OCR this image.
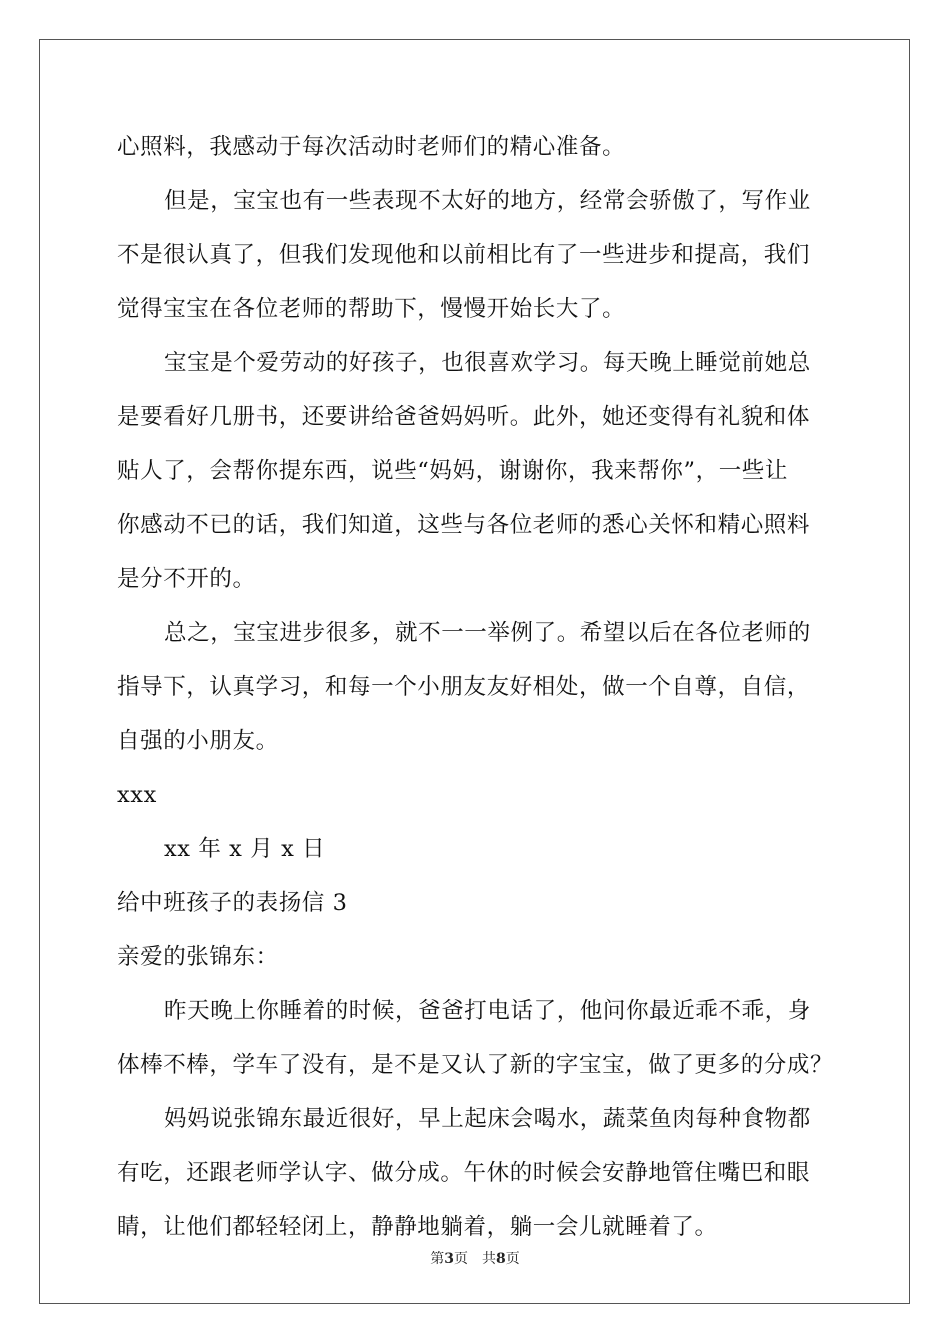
心照料，我感动于每次活动时老师们的精心准备。
但是，宝宝也有一些表现不太好的地方，经常会骄傲了，写作业
不是很认真了，但我们发现他和以前相比有了一些进步和提高，我们
觉得宝宝在各位老师的帮助下，慢慢开始长大了。
宝宝是个爱劳动的好孩子，也很喜欢学习。每天晚上睡觉前她总
是要看好几册书，还要讲给爸爸妈妈听。此外，她还变得有礼貌和体
贴人了，会帮你提东西，说些“妈妈，谢谢你，我来帮你”，一些让
你感动不已的话，我们知道，这些与各位老师的悉心关怀和精心照料
是分不开的。
总之，宝宝进步很多，就不一一举例了。希望以后在各位老师的
指导下，认真学习，和每一个小朋友友好相处，做一个自尊，自信，
自强的小朋友。
xxx
xx 年 x 月 x 日
给中班孩子的表扬信 3
亲爱的张锦东：
昨天晚上你睡着的时候，爸爸打电话了，他问你最近乖不乖，身
体棒不棒，学车了没有，是不是又认了新的字宝宝，做了更多的分成？
妈妈说张锦东最近很好，早上起床会喝水，蔬菜鱼肉每种食物都
有吃，还跟老师学认字、做分成。午休的时候会安静地管住嘴巴和眼
睛，让他们都轻轻闭上，静静地躺着，躺一会儿就睡着了。
第3页　共8页
